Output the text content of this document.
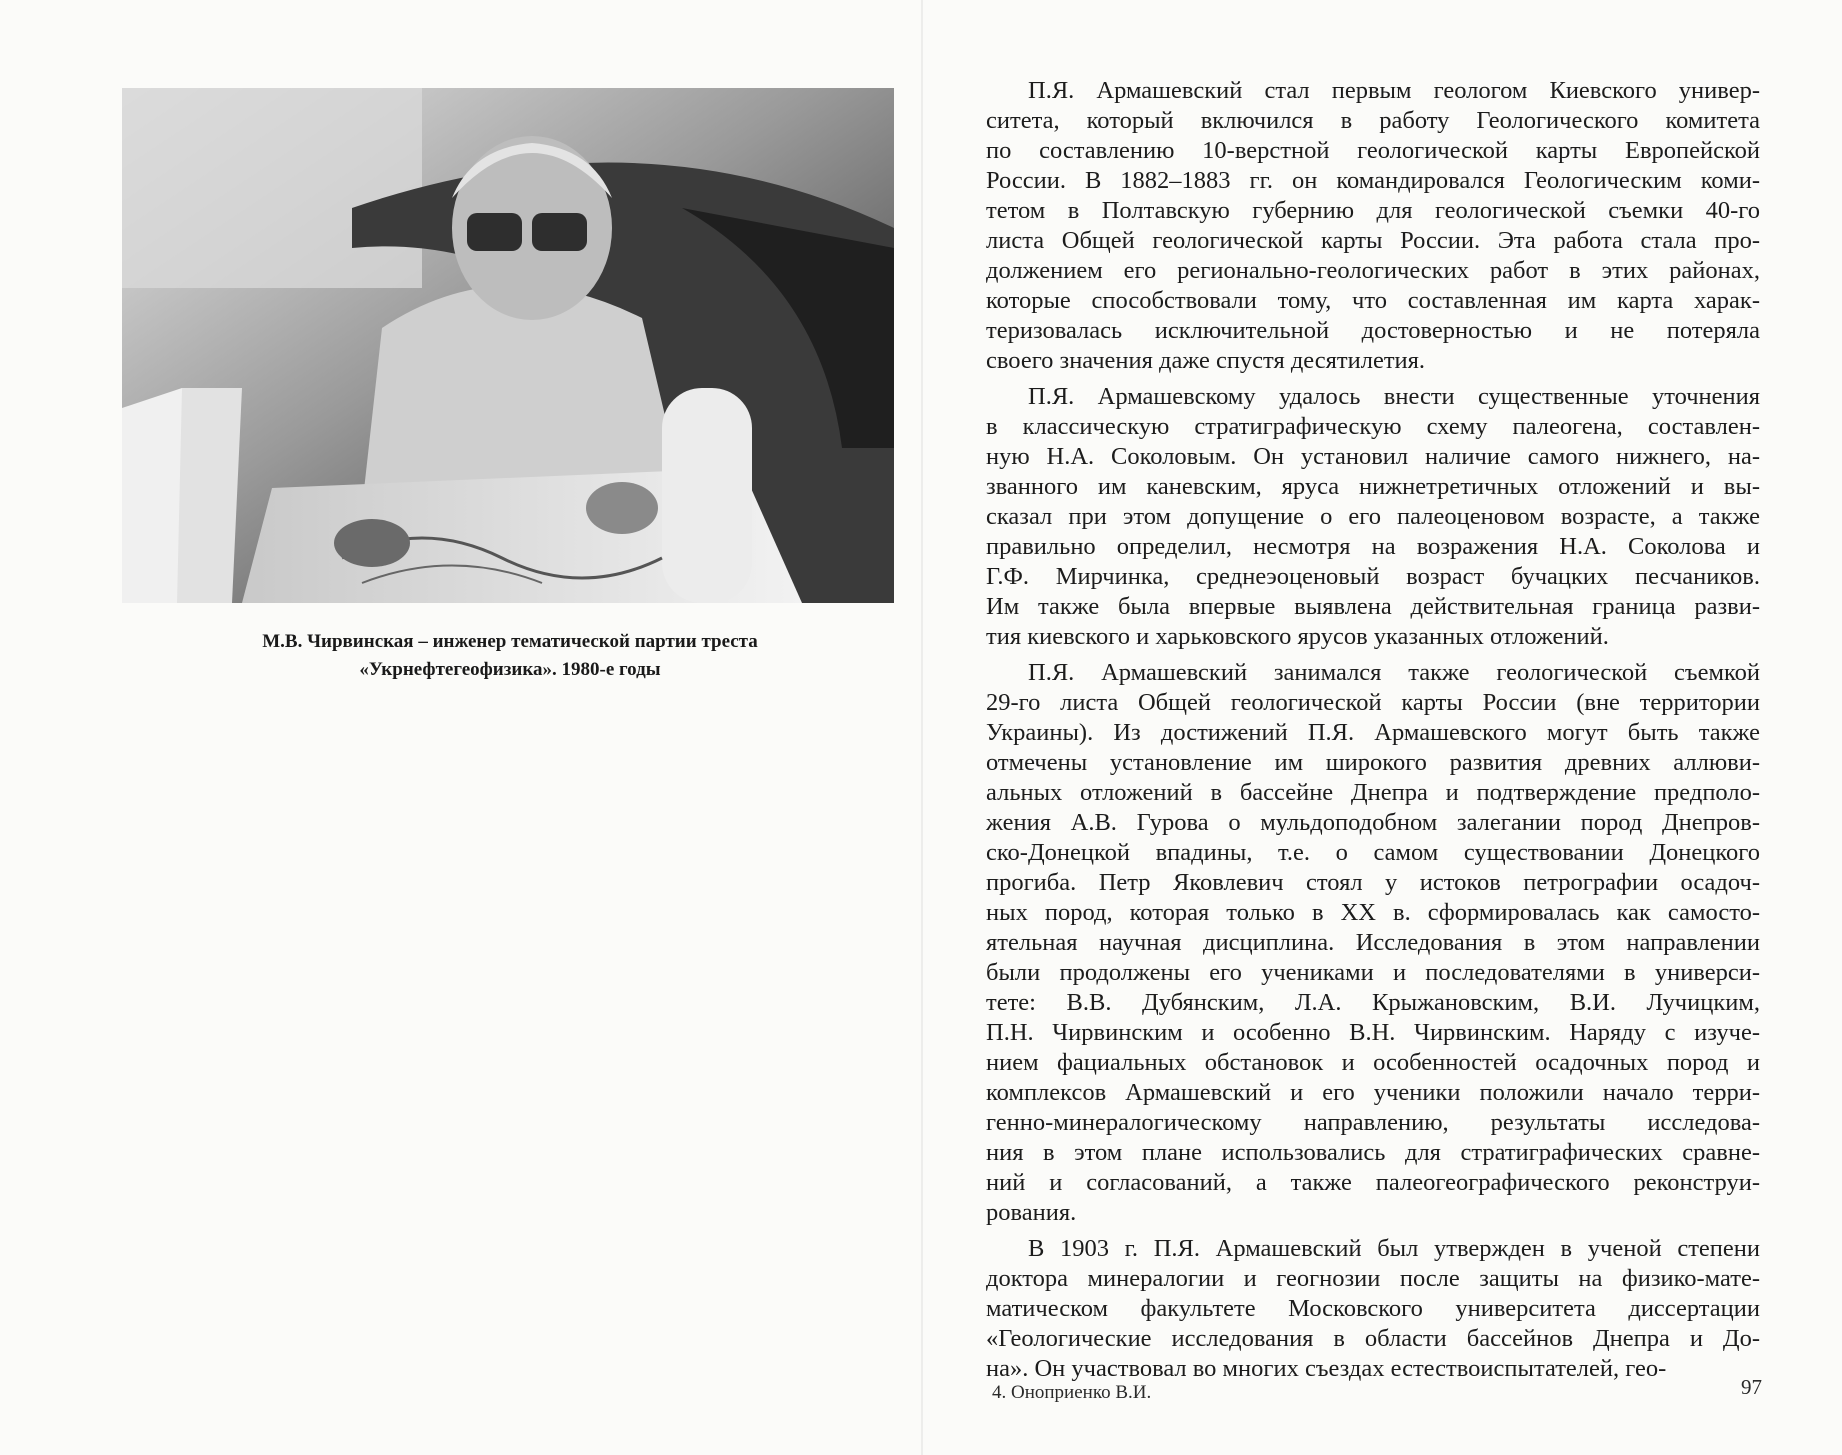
М.В. Чирвинская – инженер тематической партии треста
«Укрнефтегеофизика». 1980-е годы

П.Я. Армашевский стал первым геологом Киевского универ-
ситета, который включился в работу Геологического комитета
по составлению 10-верстной геологической карты Европейской
России. В 1882–1883 гг. он командировался Геологическим коми-
тетом в Полтавскую губернию для геологической съемки 40-го
листа Общей геологической карты России. Эта работа стала про-
должением его регионально-геологических работ в этих районах,
которые способствовали тому, что составленная им карта харак-
теризовалась исключительной достоверностью и не потеряла
своего значения даже спустя десятилетия.

П.Я. Армашевскому удалось внести существенные уточнения
в классическую стратиграфическую схему палеогена, составлен-
ную Н.А. Соколовым. Он установил наличие самого нижнего, на-
званного им каневским, яруса нижнетретичных отложений и вы-
сказал при этом допущение о его палеоценовом возрасте, а также
правильно определил, несмотря на возражения Н.А. Соколова и
Г.Ф. Мирчинка, среднеэоценовый возраст бучацких песчаников.
Им также была впервые выявлена действительная граница разви-
тия киевского и харьковского ярусов указанных отложений.

П.Я. Армашевский занимался также геологической съемкой
29-го листа Общей геологической карты России (вне территории
Украины). Из достижений П.Я. Армашевского могут быть также
отмечены установление им широкого развития древних аллюви-
альных отложений в бассейне Днепра и подтверждение предполо-
жения А.В. Гурова о мульдоподобном залегании пород Днепров-
ско-Донецкой впадины, т.е. о самом существовании Донецкого
прогиба. Петр Яковлевич стоял у истоков петрографии осадоч-
ных пород, которая только в XX в. сформировалась как самосто-
ятельная научная дисциплина. Исследования в этом направлении
были продолжены его учениками и последователями в универси-
тете: В.В. Дубянским, Л.А. Крыжановским, В.И. Лучицким,
П.Н. Чирвинским и особенно В.Н. Чирвинским. Наряду с изуче-
нием фациальных обстановок и особенностей осадочных пород и
комплексов Армашевский и его ученики положили начало терри-
генно-минералогическому направлению, результаты исследова-
ния в этом плане использовались для стратиграфических сравне-
ний и согласований, а также палеогеографического реконструи-
рования.

В 1903 г. П.Я. Армашевский был утвержден в ученой степени
доктора минералогии и геогнозии после защиты на физико-мате-
матическом факультете Московского университета диссертации
«Геологические исследования в области бассейнов Днепра и До-
на». Он участвовал во многих съездах естествоиспытателей, гео-

4. Оноприенко В.И.	97
